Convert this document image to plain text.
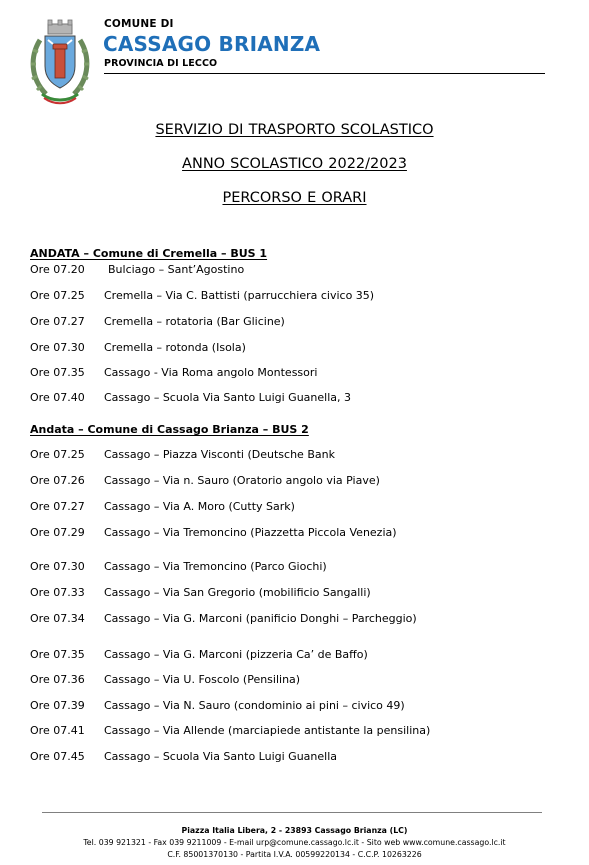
COMUNE DI
CASSAGO BRIANZA
PROVINCIA DI LECCO
SERVIZIO DI TRASPORTO SCOLASTICO
ANNO SCOLASTICO 2022/2023
PERCORSO E ORARI
ANDATA – Comune di Cremella – BUS 1
Ore 07.20 Bulciago – Sant’Agostino
Ore 07.25 Cremella – Via C. Battisti (parrucchiera civico 35)
Ore 07.27 Cremella – rotatoria (Bar Glicine)
Ore 07.30 Cremella – rotonda (Isola)
Ore 07.35 Cassago - Via Roma angolo Montessori
Ore 07.40 Cassago – Scuola Via Santo Luigi Guanella, 3
Andata – Comune di Cassago Brianza – BUS 2
Ore 07.25 Cassago – Piazza Visconti (Deutsche Bank
Ore 07.26 Cassago – Via n. Sauro (Oratorio angolo via Piave)
Ore 07.27 Cassago – Via A. Moro (Cutty Sark)
Ore 07.29 Cassago – Via Tremoncino (Piazzetta Piccola Venezia)
Ore 07.30 Cassago – Via Tremoncino (Parco Giochi)
Ore 07.33 Cassago – Via San Gregorio (mobilificio Sangalli)
Ore 07.34 Cassago – Via G. Marconi (panificio Donghi – Parcheggio)
Ore 07.35 Cassago – Via G. Marconi (pizzeria Ca’ de Baffo)
Ore 07.36 Cassago – Via U. Foscolo (Pensilina)
Ore 07.39 Cassago – Via N. Sauro (condominio ai pini – civico 49)
Ore 07.41 Cassago – Via Allende (marciapiede antistante la pensilina)
Ore 07.45 Cassago – Scuola Via Santo Luigi Guanella
Piazza Italia Libera, 2 - 23893 Cassago Brianza (LC)
Tel. 039 921321 - Fax 039 9211009 - E-mail urp@comune.cassago.lc.it - Sito web www.comune.cassago.lc.it
C.F. 85001370130 - Partita I.V.A. 00599220134 - C.C.P. 10263226
